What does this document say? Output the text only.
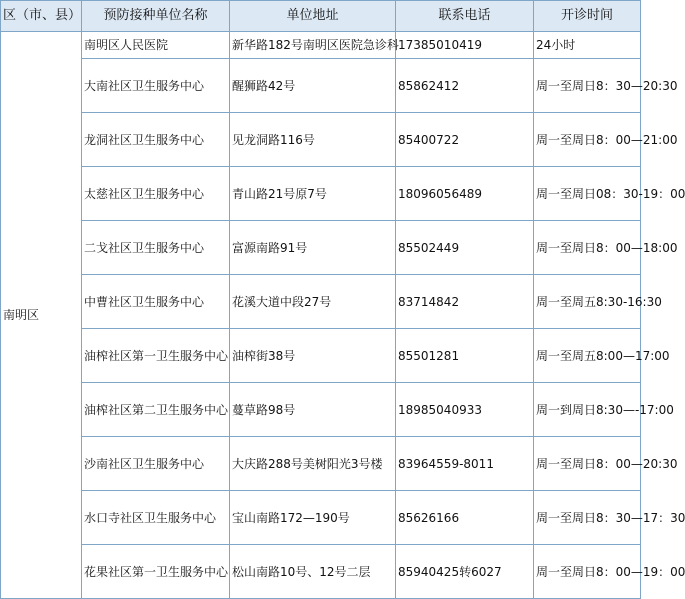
区（市、县）	预防接种单位名称	单位地址	联系电话	开诊时间
南明区	南明区人民医院	新华路182号南明区医院急诊科	17385010419	24小时
	大南社区卫生服务中心	醒狮路42号	85862412	周一至周日8：30—20:30
	龙洞社区卫生服务中心	见龙洞路116号	85400722	周一至周日8：00—21:00
	太慈社区卫生服务中心	青山路21号原7号	18096056489	周一至周日08：30-19：00
	二戈社区卫生服务中心	富源南路91号	85502449	周一至周日8：00—18:00
	中曹社区卫生服务中心	花溪大道中段27号	83714842	周一至周五8:30-16:30
	油榨社区第一卫生服务中心	油榨街38号	85501281	周一至周五8:00—17:00
	油榨社区第二卫生服务中心	蔓草路98号	18985040933	周一到周日8:30—-17:00
	沙南社区卫生服务中心	大庆路288号美树阳光3号楼	83964559-8011	周一至周日8：00—20:30
	水口寺社区卫生服务中心	宝山南路172—190号	85626166	周一至周日8：30—17：30
	花果社区第一卫生服务中心	松山南路10号、12号二层	85940425转6027	周一至周日8：00—19：00
